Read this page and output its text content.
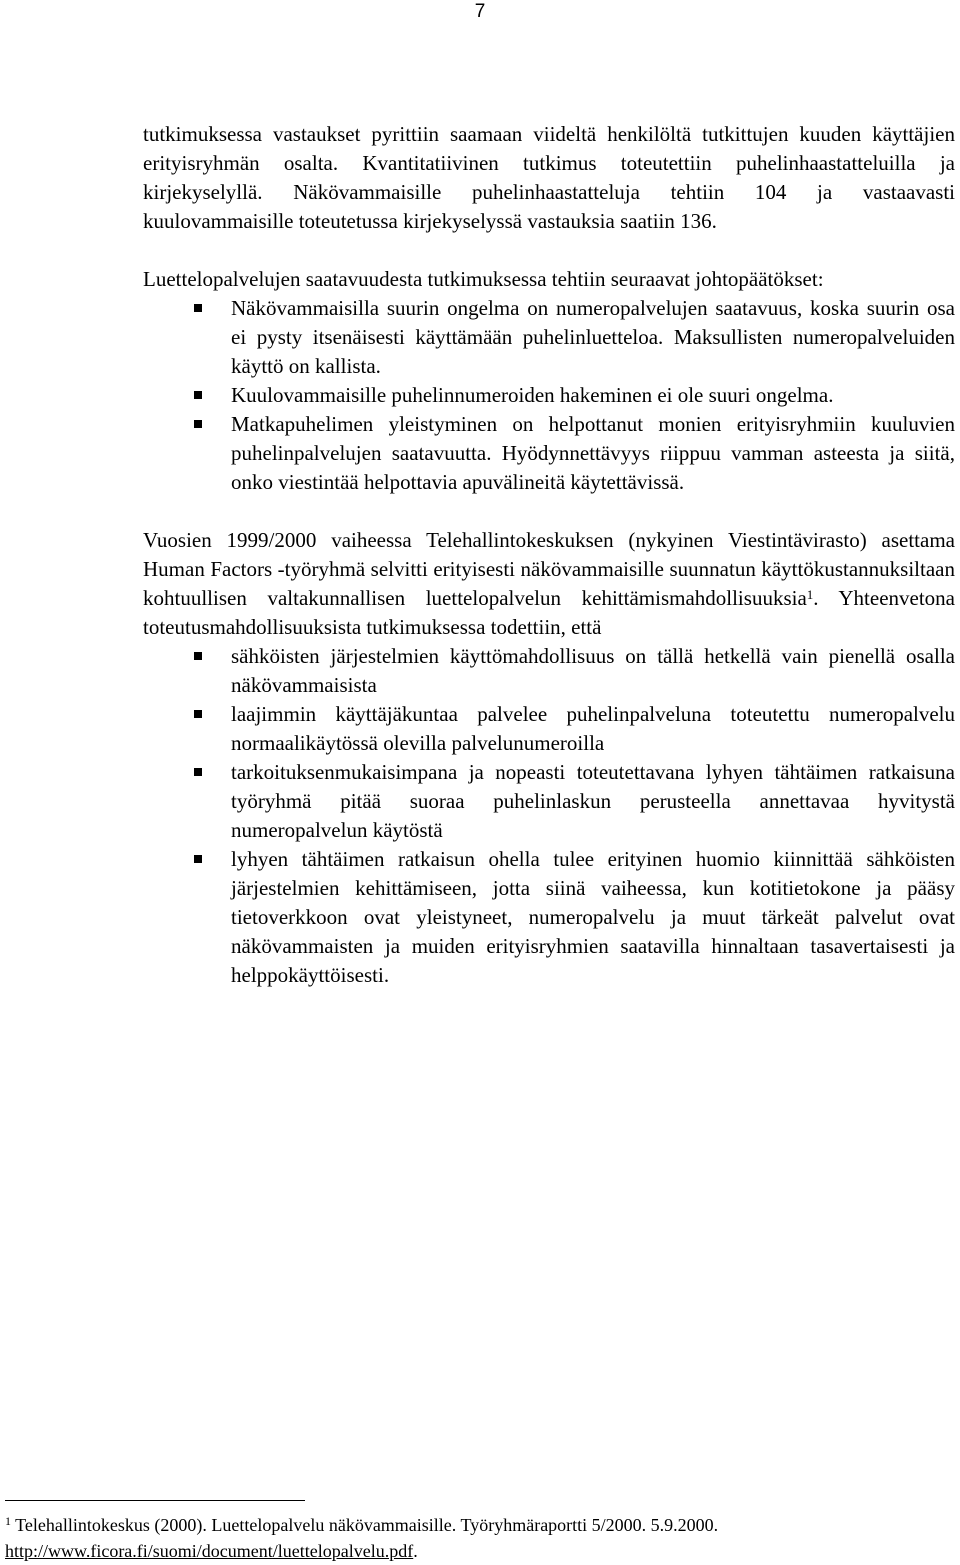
7

tutkimuksessa vastaukset pyrittiin saamaan viideltä henkilöltä tutkittujen kuuden käyttäjien erityisryhmän osalta. Kvantitatiivinen tutkimus toteutettiin puhelinhaastatteluilla ja kirjekyselyllä. Näkövammaisille puhelinhaastatteluja tehtiin 104 ja vastaavasti kuulovammaisille toteutetussa kirjekyselyssä vastauksia saatiin 136.

Luettelopalvelujen saatavuudesta tutkimuksessa tehtiin seuraavat johtopäätökset:

Näkövammaisilla suurin ongelma on numeropalvelujen saatavuus, koska suurin osa ei pysty itsenäisesti käyttämään puhelinluetteloa. Maksullisten numeropalveluiden käyttö on kallista.
Kuulovammaisille puhelinnumeroiden hakeminen ei ole suuri ongelma.
Matkapuhelimen yleistyminen on helpottanut monien erityisryhmiin kuuluvien puhelinpalvelujen saatavuutta. Hyödynnettävyys riippuu vamman asteesta ja siitä, onko viestintää helpottavia apuvälineitä käytettävissä.

Vuosien 1999/2000 vaiheessa Telehallintokeskuksen (nykyinen Viestintävirasto) asettama Human Factors -työryhmä selvitti erityisesti näkövammaisille suunnatun käyttökustannuksiltaan kohtuullisen valtakunnallisen luettelopalvelun kehittämismahdollisuuksia$^1$. Yhteenvetona toteutusmahdollisuuksista tutkimuksessa todettiin, että

sähköisten järjestelmien käyttömahdollisuus on tällä hetkellä vain pienellä osalla näkövammaisista
laajimmin käyttäjäkuntaa palvelee puhelinpalveluna toteutettu numeropalvelu normaalikäytössä olevilla palvelunumeroilla
tarkoituksenmukaisimpana ja nopeasti toteutettavana lyhyen tähtäimen ratkaisuna työryhmä pitää suoraa puhelinlaskun perusteella annettavaa hyvitystä numeropalvelun käytöstä
lyhyen tähtäimen ratkaisun ohella tulee erityinen huomio kiinnittää sähköisten järjestelmien kehittämiseen, jotta siinä vaiheessa, kun kotitietokone ja pääsy tietoverkkoon ovat yleistyneet, numeropalvelu ja muut tärkeät palvelut ovat näkövammaisten ja muiden erityisryhmien saatavilla hinnaltaan tasavertaisesti ja helppokäyttöisesti.
$^1$ Telehallintokeskus (2000). Luettelopalvelu näkövammaisille. Työryhmäraportti 5/2000. 5.9.2000.
http://www.ficora.fi/suomi/document/luettelopalvelu.pdf.
